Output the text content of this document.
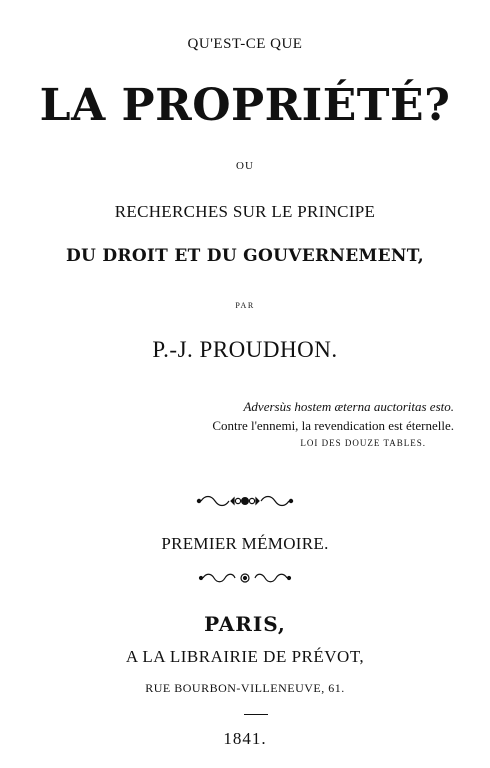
QU'EST-CE QUE
LA PROPRIÉTÉ?
OU
RECHERCHES SUR LE PRINCIPE
DU DROIT ET DU GOUVERNEMENT,
PAR
P.-J. PROUDHON.
Adversùs hostem æterna auctoritas esto.
Contre l'ennemi, la revendication est éternelle.
LOI DES DOUZE TABLES.
PREMIER MÉMOIRE.
PARIS,
A LA LIBRAIRIE DE PRÉVOT,
RUE BOURBON-VILLENEUVE, 61.
1841.
